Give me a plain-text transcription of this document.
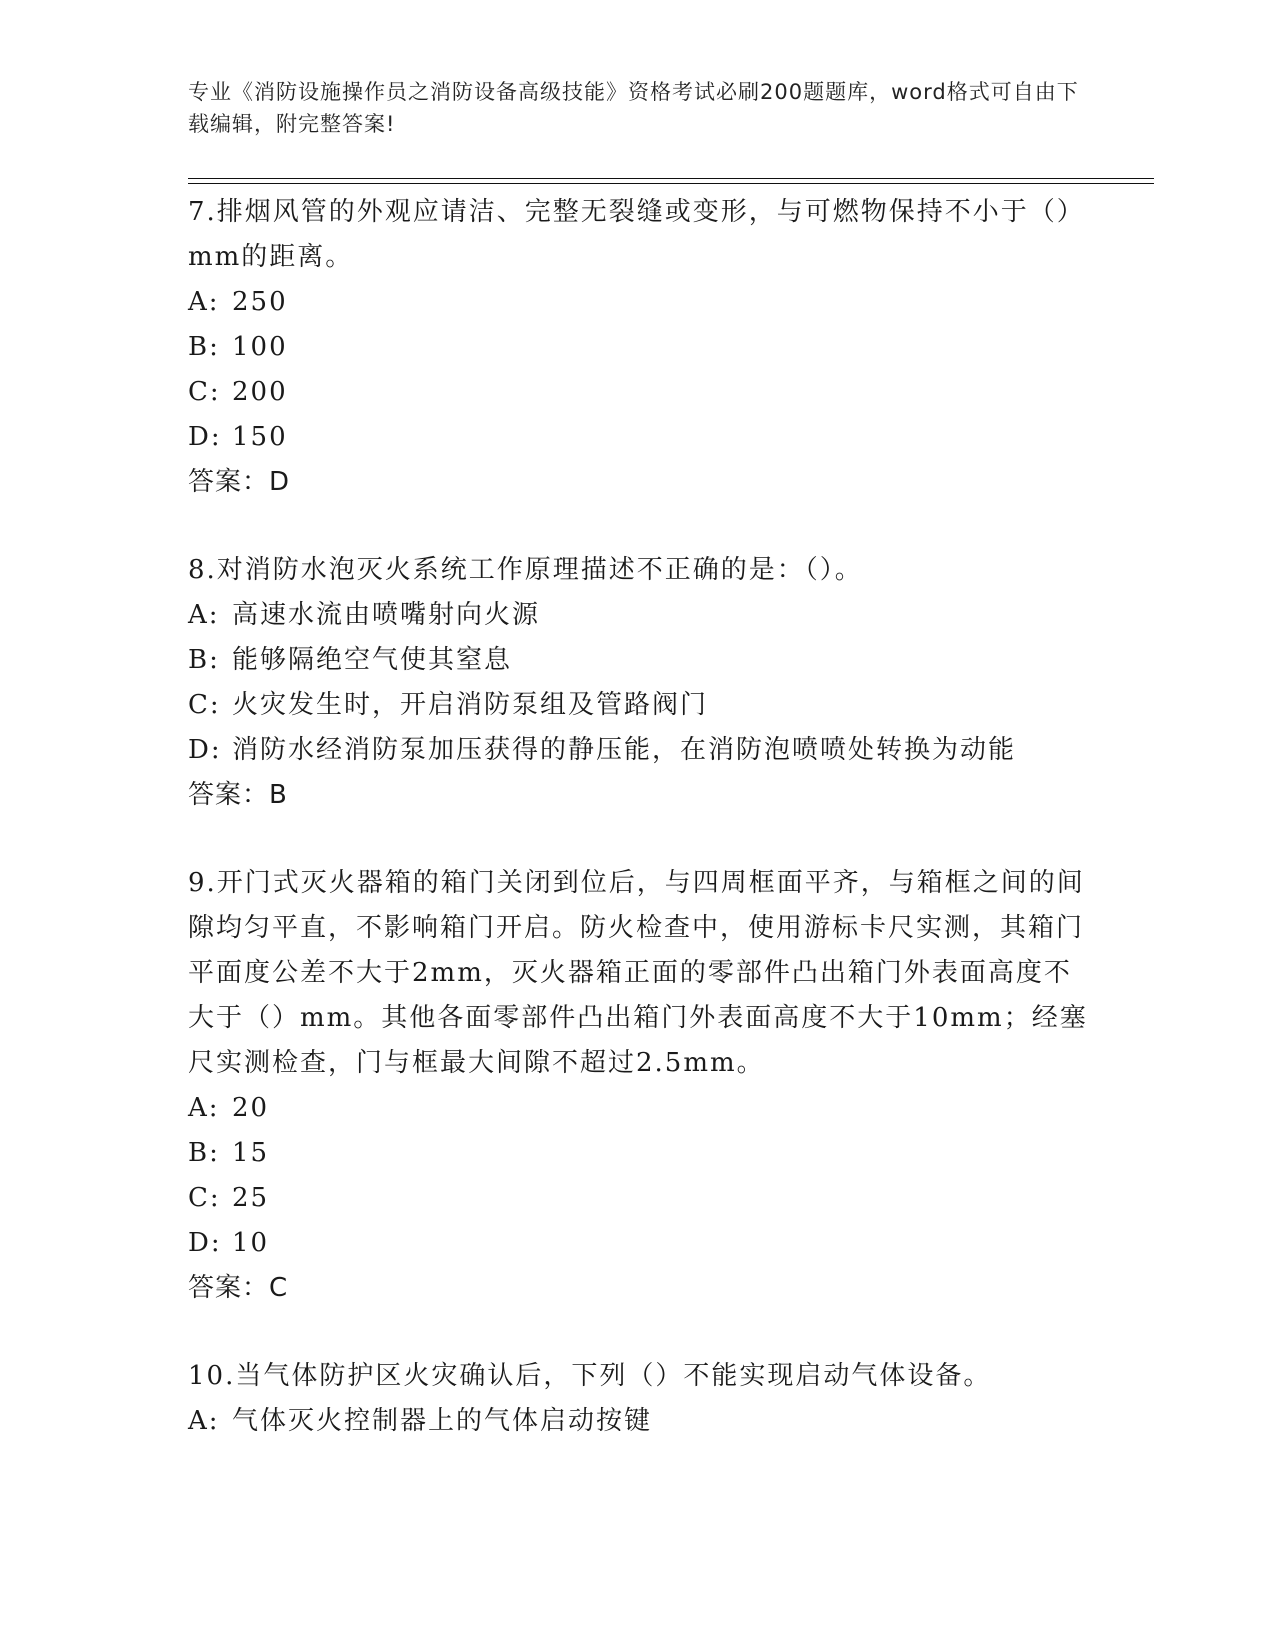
专业《消防设施操作员之消防设备高级技能》资格考试必刷200题题库，word格式可自由下载编辑，附完整答案!
7.排烟风管的外观应请洁、完整无裂缝或变形，与可燃物保持不小于（）mm的距离。
A: 250
B: 100
C: 200
D: 150
答案：D
8.对消防水泡灭火系统工作原理描述不正确的是：（）。
A: 高速水流由喷嘴射向火源
B: 能够隔绝空气使其窒息
C: 火灾发生时，开启消防泵组及管路阀门
D: 消防水经消防泵加压获得的静压能，在消防泡喷喷处转换为动能
答案：B
9.开门式灭火器箱的箱门关闭到位后，与四周框面平齐，与箱框之间的间隙均匀平直，不影响箱门开启。防火检查中，使用游标卡尺实测，其箱门平面度公差不大于2mm，灭火器箱正面的零部件凸出箱门外表面高度不大于（）mm。其他各面零部件凸出箱门外表面高度不大于10mm；经塞尺实测检查，门与框最大间隙不超过2.5mm。
A: 20
B: 15
C: 25
D: 10
答案：C
10.当气体防护区火灾确认后，下列（）不能实现启动气体设备。
A: 气体灭火控制器上的气体启动按键
